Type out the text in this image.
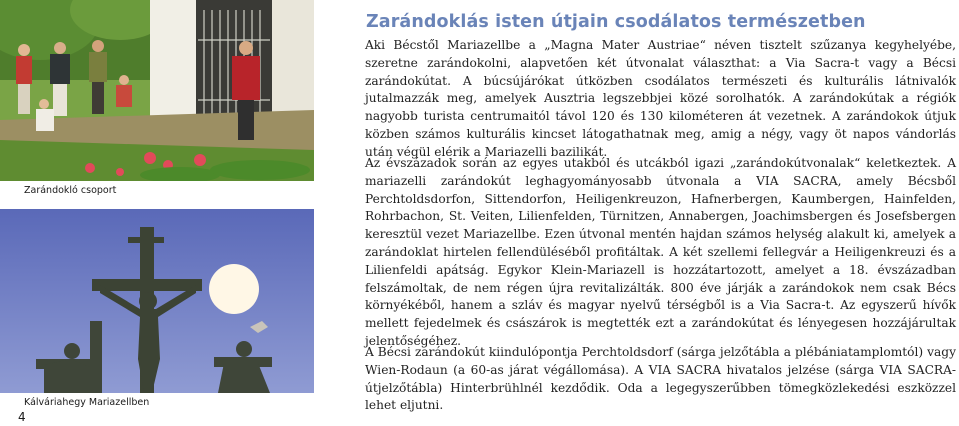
Zarándokló csoport
Kálváriahegy Mariazellben
4
Zarándoklás isten útjain csodálatos természetben

Aki Bécstől Mariazellbe a „Magna Mater Austriae“ néven tisztelt szűzanya kegyhelyébe, szeretne zarándokolni, alapvetően két útvonalat választhat: a Via Sacra-t vagy a Bécsi zarándokútat. A búcsújárókat útközben csodálatos természeti és kulturális látnivalók jutalmazzák meg, amelyek Ausztria legszebbjei közé sorolhatók. A zarándokútak a régiók nagyobb turista centrumaitól távol 120 és 130 kilométeren át vezetnek. A zarándokok útjuk közben számos kulturális kincset látogathatnak meg, amig a négy, vagy öt napos vándorlás után végül elérik a Mariazelli bazilikát.

Az évszázadok során az egyes utakból és utcákból igazi „zarándokútvonalak“ keletkeztek. A mariazelli zarándokút leghagyományosabb útvonala a VIA SACRA, amely Bécsből Perchtoldsdorfon, Sittendorfon, Heiligenkreuzon, Hafnerbergen, Kaumbergen, Hainfelden, Rohrbachon, St. Veiten, Lilienfelden, Türnitzen, Annabergen, Joachimsbergen és Josefsbergen keresztül vezet Mariazellbe. Ezen útvonal mentén hajdan számos helység alakult ki, amelyek a zarándoklat hirtelen fellendüléséből profitáltak. A két szellemi fellegvár a Heiligenkreuzi és a Lilienfeldi apátság. Egykor Klein-Mariazell is hozzátartozott, amelyet a 18. évszázadban felszámoltak, de nem régen újra revitalizálták. 800 éve járják a zarándokok nem csak Bécs környékéből, hanem a szláv és magyar nyelvű térségből is a Via Sacra-t. Az egyszerű hívők mellett fejedelmek és császárok is megtették ezt a zarándokútat és lényegesen hozzájárultak jelentőségéhez.

A Bécsi zarándokút kiindulópontja Perchtoldsdorf (sárga jelzőtábla a plébániatamplomtól) vagy Wien-Rodaun (a 60-as járat végállomása). A VIA SACRA hivatalos jelzése (sárga VIA SACRA-útjelzőtábla) Hinterbrühlnél kezdődik. Oda a legegyszerűbben tömegközlekedési eszközzel lehet eljutni.
